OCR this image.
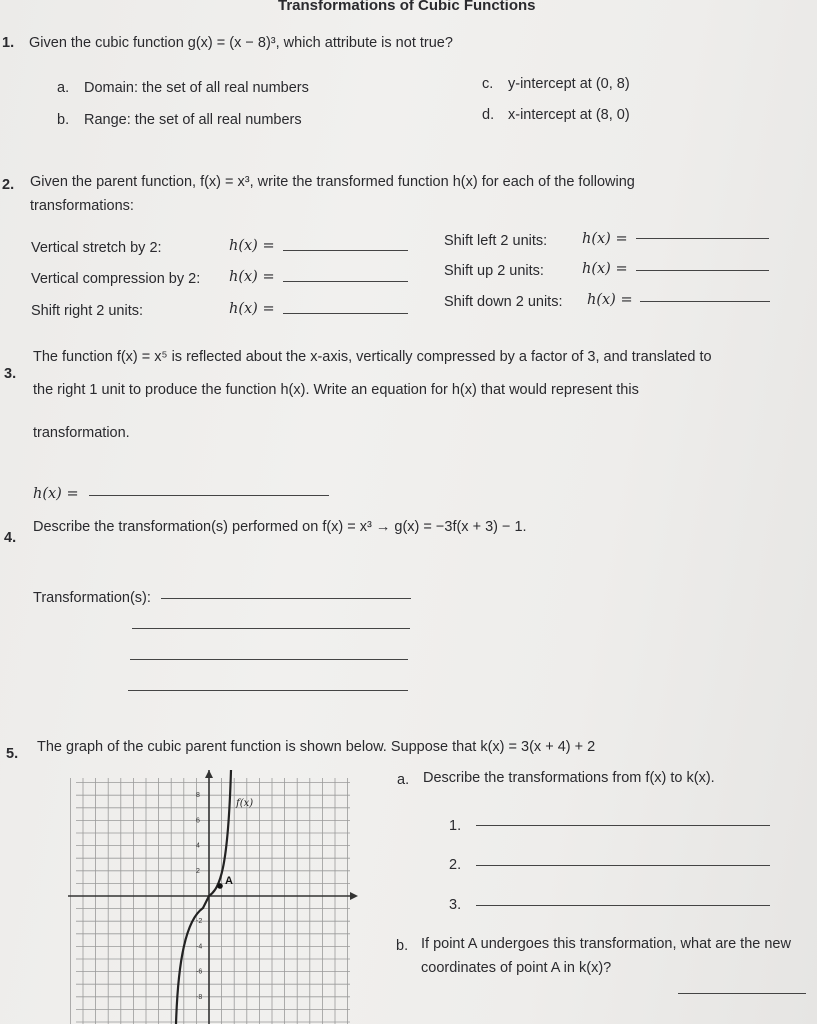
Transformations of Cubic Functions
1. Given the cubic function g(x) = (x − 8)³, which attribute is not true?
a. Domain: the set of all real numbers
b. Range: the set of all real numbers
c. y-intercept at (0, 8)
d. x-intercept at (8, 0)
2. Given the parent function, f(x) = x³, write the transformed function h(x) for each of the following
transformations:
Vertical stretch by 2:	h(x) =
Vertical compression by 2: h(x) =
Shift right 2 units:	h(x) =
Shift left 2 units: h(x) =
Shift up 2 units:	h(x) =
Shift down 2 units: h(x) =
3.
The function f(x) = x⁵ is reflected about the x-axis, vertically compressed by a factor of 3, and translated to
the right 1 unit to produce the function h(x). Write an equation for h(x) that would represent this
transformation.
h(x) =
4.
Describe the transformation(s) performed on f(x) = x³ → g(x) = −3f(x + 3) − 1.
Transformation(s):
5. The graph of the cubic parent function is shown below. Suppose that k(x) = 3(x + 4) + 2
a. Describe the transformations from f(x) to k(x).
1.
2.
3.
b. If point A undergoes this transformation, what are the new
coordinates of point A in k(x)?
8
6
4
2
-2
-4
-6
-8
f(x)
A
